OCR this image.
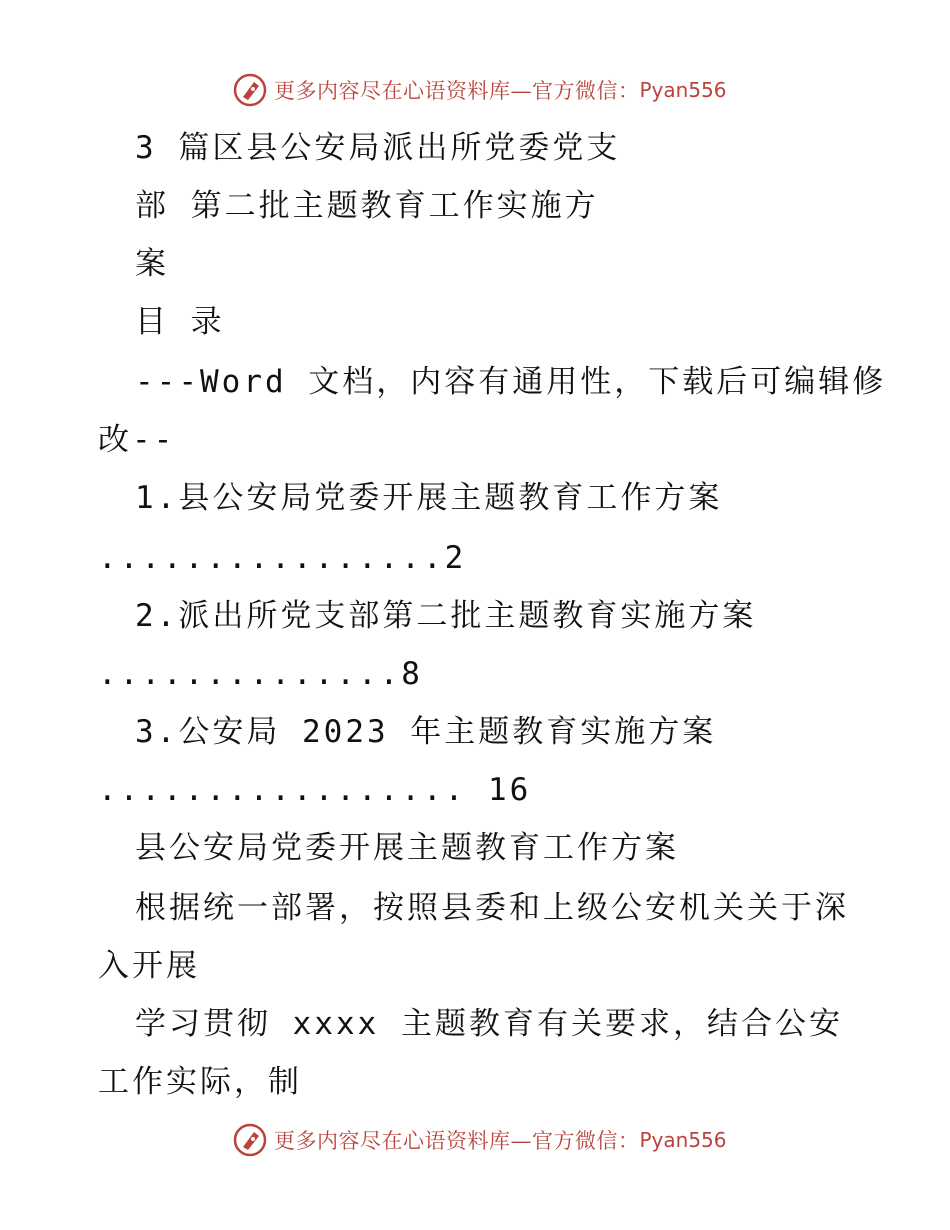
更多内容尽在心语资料库—官方微信： Pyan556

3 篇区县公安局派出所党委党支

部 第二批主题教育工作实施方

案

目 录

---Word 文档，内容有通用性，下载后可编辑修

改--

1.县公安局党委开展主题教育工作方案

................2

2.派出所党支部第二批主题教育实施方案

..............8

3.公安局 2023 年主题教育实施方案

................. 16

县公安局党委开展主题教育工作方案

根据统一部署，按照县委和上级公安机关关于深

入开展

学习贯彻 xxxx 主题教育有关要求，结合公安

工作实际，制

更多内容尽在心语资料库—官方微信： Pyan556
